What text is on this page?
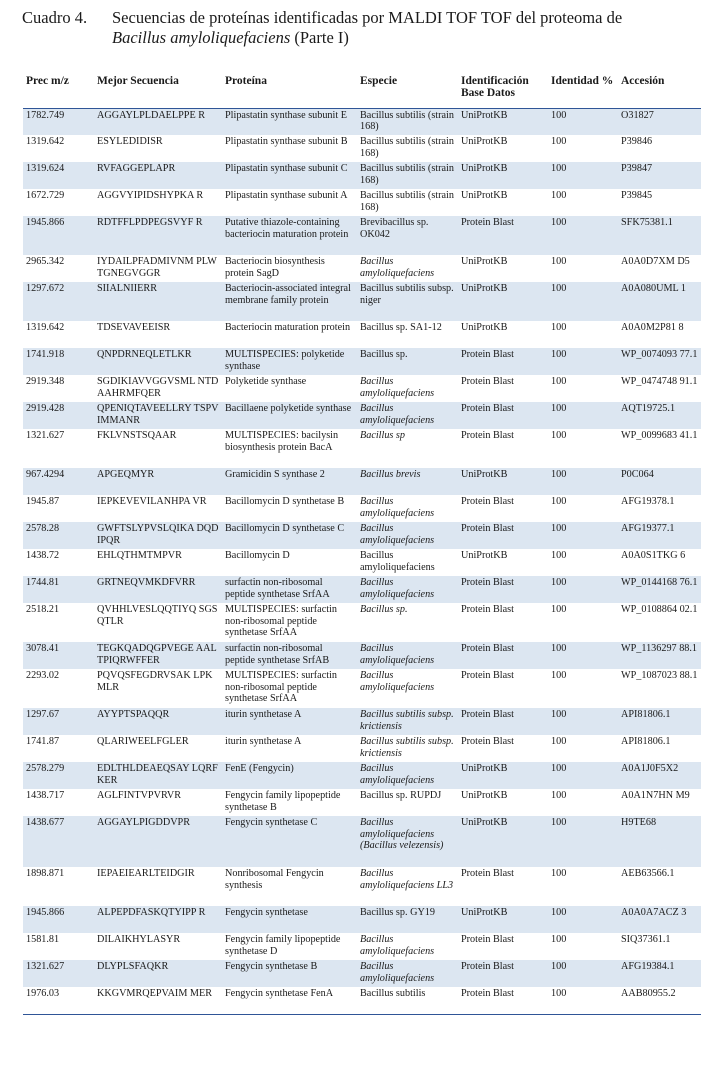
Cuadro 4. Secuencias de proteínas identificadas por MALDI TOF TOF del proteoma de
Bacillus amyloliquefaciens (Parte I)
Prec m/z	Mejor Secuencia	Proteína	Especie	Identificación Base Datos	Identidad %	Accesión
1782.749	AGGAYLPLDAELPPE R	Plipastatin synthase subunit E	Bacillus subtilis (strain 168)	UniProtKB	100	O31827
1319.642	ESYLEDIDISR	Plipastatin synthase subunit B	Bacillus subtilis (strain 168)	UniProtKB	100	P39846
1319.624	RVFAGGEPLAPR	Plipastatin synthase subunit C	Bacillus subtilis (strain 168)	UniProtKB	100	P39847
1672.729	AGGVYIPIDSHYPKA R	Plipastatin synthase subunit A	Bacillus subtilis (strain 168)	UniProtKB	100	P39845
1945.866	RDTFFLPDPEGSVYF R	Putative thiazole-containing bacteriocin maturation protein	Brevibacillus sp. OK042	Protein Blast	100	SFK75381.1
2965.342	IYDAILPFADMIVNM PLWTGNEGVGGR	Bacteriocin biosynthesis protein SagD	Bacillus amyloliquefaciens	UniProtKB	100	A0A0D7XM D5
1297.672	SIIALNIIERR	Bacteriocin-associated integral membrane family protein	Bacillus subtilis subsp. niger	UniProtKB	100	A0A080UML 1
1319.642	TDSEVAVEEISR	Bacteriocin maturation protein	Bacillus sp. SA1-12	UniProtKB	100	A0A0M2P81 8
1741.918	QNPDRNEQLETLKR	MULTISPECIES: polyketide synthase	Bacillus sp.	Protein Blast	100	WP_0074093 77.1
2919.348	SGDIKIAVVGGVSML NTDAAHRMFQER	Polyketide synthase	Bacillus amyloliquefaciens	Protein Blast	100	WP_0474748 91.1
2919.428	QPENIQTAVEELLRY TSPVIMMANR	Bacillaene polyketide synthase	Bacillus amyloliquefaciens	Protein Blast	100	AQT19725.1
1321.627	FKLVNSTSQAAR	MULTISPECIES: bacilysin biosynthesis protein BacA	Bacillus sp	Protein Blast	100	WP_0099683 41.1
967.4294	APGEQMYR	Gramicidin S synthase 2	Bacillus brevis	UniProtKB	100	P0C064
1945.87	IEPKEVEVILANHPA VR	Bacillomycin D synthetase B	Bacillus amyloliquefaciens	Protein Blast	100	AFG19378.1
2578.28	GWFTSLYPVSLQIKA DQDIPQR	Bacillomycin D synthetase C	Bacillus amyloliquefaciens	Protein Blast	100	AFG19377.1
1438.72	EHLQTHMTMPVR	Bacillomycin D	Bacillus amyloliquefaciens	UniProtKB	100	A0A0S1TKG 6
1744.81	GRTNEQVMKDFVRR	surfactin non-ribosomal peptide synthetase SrfAA	Bacillus amyloliquefaciens	Protein Blast	100	WP_0144168 76.1
2518.21	QVHHLVESLQQTIYQ SGSQTLR	MULTISPECIES: surfactin non-ribosomal peptide synthetase SrfAA	Bacillus sp.	Protein Blast	100	WP_0108864 02.1
3078.41	TEGKQADQGPVEGE AALTPIQRWFFER	surfactin non-ribosomal peptide synthetase SrfAB	Bacillus amyloliquefaciens	Protein Blast	100	WP_1136297 88.1
2293.02	PQVQSFEGDRVSAK LPKMLR	MULTISPECIES: surfactin non-ribosomal peptide synthetase SrfAA	Bacillus amyloliquefaciens	Protein Blast	100	WP_1087023 88.1
1297.67	AYYPTSPAQQR	iturin synthetase A	Bacillus subtilis subsp. krictiensis	Protein Blast	100	API81806.1
1741.87	QLARIWEELFGLER	iturin synthetase A	Bacillus subtilis subsp. krictiensis	Protein Blast	100	API81806.1
2578.279	EDLTHLDEAEQSAY LQRFKER	FenE (Fengycin)	Bacillus amyloliquefaciens	UniProtKB	100	A0A1J0F5X2
1438.717	AGLFINTVPVRVR	Fengycin family lipopeptide synthetase B	Bacillus sp. RUPDJ	UniProtKB	100	A0A1N7HN M9
1438.677	AGGAYLPIGDDVPR	Fengycin synthetase C	Bacillus amyloliquefaciens (Bacillus velezensis)	UniProtKB	100	H9TE68
1898.871	IEPAEIEARLTEIDGIR	Nonribosomal Fengycin synthesis	Bacillus amyloliquefaciens LL3	Protein Blast	100	AEB63566.1
1945.866	ALPEPDFASKQTYIPP R	Fengycin synthetase	Bacillus sp. GY19	UniProtKB	100	A0A0A7ACZ 3
1581.81	DILAIKHYLASYR	Fengycin family lipopeptide synthetase D	Bacillus amyloliquefaciens	Protein Blast	100	SIQ37361.1
1321.627	DLYPLSFAQKR	Fengycin synthetase B	Bacillus amyloliquefaciens	Protein Blast	100	AFG19384.1
1976.03	KKGVMRQEPVAIM MER	Fengycin synthetase FenA	Bacillus subtilis	Protein Blast	100	AAB80955.2
